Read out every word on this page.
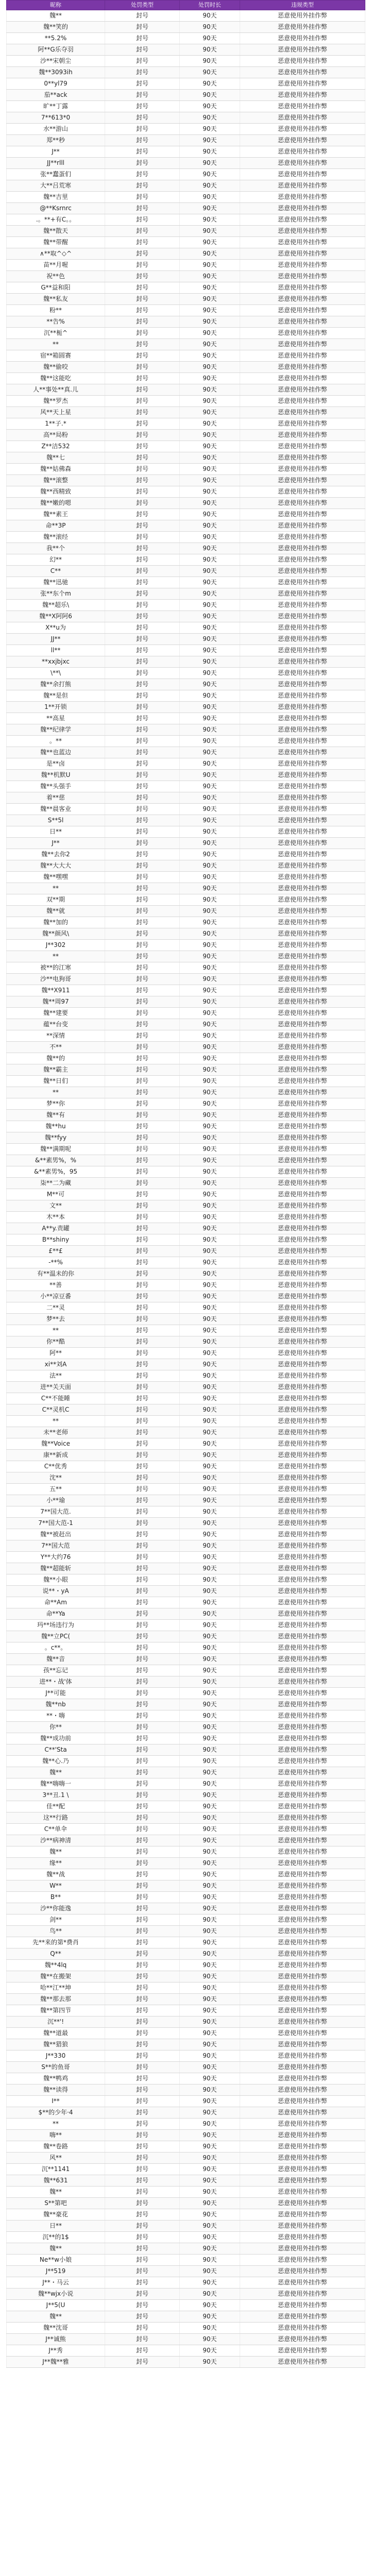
昵称	处罚类型	处罚时长	违规类型
魏**	封号	90天	恶意使用外挂作弊
魏**笑的	封号	90天	恶意使用外挂作弊
**5.2%	封号	90天	恶意使用外挂作弊
阿**G乐夺羽	封号	90天	恶意使用外挂作弊
沙**宋朝尘	封号	90天	恶意使用外挂作弊
魏**3093ih	封号	90天	恶意使用外挂作弊
0**yl79	封号	90天	恶意使用外挂作弊
茄**ack	封号	90天	恶意使用外挂作弊
旷**丁露	封号	90天	恶意使用外挂作弊
7**613*0	封号	90天	恶意使用外挂作弊
水**游山	封号	90天	恶意使用外挂作弊
郑**秒	封号	90天	恶意使用外挂作弊
J**	封号	90天	恶意使用外挂作弊
JJ**rlll	封号	90天	恶意使用外挂作弊
张**蠢蛋们	封号	90天	恶意使用外挂作弊
大**吕荒寒	封号	90天	恶意使用外挂作弊
魏**吉里	封号	90天	恶意使用外挂作弊
@**Ksrnrc	封号	90天	恶意使用外挂作弊
.。**+有C。。	封号	90天	恶意使用外挂作弊
魏**散天	封号	90天	恶意使用外挂作弊
魏**带醒	封号	90天	恶意使用外挂作弊
∧**取^◇^	封号	90天	恶意使用外挂作弊
苗**月喔	封号	90天	恶意使用外挂作弊
祝**色	封号	90天	恶意使用外挂作弊
G**益和阳	封号	90天	恶意使用外挂作弊
魏**私友	封号	90天	恶意使用外挂作弊
粉**	封号	90天	恶意使用外挂作弊
**告%	封号	90天	恶意使用外挂作弊
沉**栀^	封号	90天	恶意使用外挂作弊
**	封号	90天	恶意使用外挂作弊
宿**箱圆赛	封号	90天	恶意使用外挂作弊
魏**偷咬	封号	90天	恶意使用外挂作弊
魏**这能吃	封号	90天	恶意使用外挂作弊
人**事处**真.儿	封号	90天	恶意使用外挂作弊
魏**罗杰	封号	90天	恶意使用外挂作弊
风**天上星	封号	90天	恶意使用外挂作弊
1**子.*	封号	90天	恶意使用外挂作弊
高**局粉	封号	90天	恶意使用外挂作弊
Z**洁532	封号	90天	恶意使用外挂作弊
魏**七	封号	90天	恶意使用外挂作弊
魏**姑佛森	封号	90天	恶意使用外挂作弊
魏**滚整	封号	90天	恶意使用外挂作弊
魏**西精致	封号	90天	恶意使用外挂作弊
魏**嫩的嗯	封号	90天	恶意使用外挂作弊
魏**素王	封号	90天	恶意使用外挂作弊
命**3P	封号	90天	恶意使用外挂作弊
魏**滚经	封号	90天	恶意使用外挂作弊
我**个	封号	90天	恶意使用外挂作弊
幻**	封号	90天	恶意使用外挂作弊
C**	封号	90天	恶意使用外挂作弊
魏**迅驰	封号	90天	恶意使用外挂作弊
张**东个m	封号	90天	恶意使用外挂作弊
魏**超乐\	封号	90天	恶意使用外挂作弊
魏**X阿阿6	封号	90天	恶意使用外挂作弊
X**u为	封号	90天	恶意使用外挂作弊
JJ**	封号	90天	恶意使用外挂作弊
ll**	封号	90天	恶意使用外挂作弊
**xxjbjxc	封号	90天	恶意使用外挂作弊
\**\	封号	90天	恶意使用外挂作弊
魏**余打熊	封号	90天	恶意使用外挂作弊
魏**是但	封号	90天	恶意使用外挂作弊
1**开锁	封号	90天	恶意使用外挂作弊
**高星	封号	90天	恶意使用外挂作弊
魏**纪律学	封号	90天	恶意使用外挂作弊
。**	封号	90天	恶意使用外挂作弊
魏**也蓝边	封号	90天	恶意使用外挂作弊
是**卤	封号	90天	恶意使用外挂作弊
魏**机默U	封号	90天	恶意使用外挂作弊
魏**头强手	封号	90天	恶意使用外挂作弊
着**慈	封号	90天	恶意使用外挂作弊
魏**晨客业	封号	90天	恶意使用外挂作弊
S**5l	封号	90天	恶意使用外挂作弊
日**	封号	90天	恶意使用外挂作弊
J**	封号	90天	恶意使用外挂作弊
魏**去你2	封号	90天	恶意使用外挂作弊
魏**大大大	封号	90天	恶意使用外挂作弊
魏**嘿嘿	封号	90天	恶意使用外挂作弊
**	封号	90天	恶意使用外挂作弊
双**期	封号	90天	恶意使用外挂作弊
魏**就	封号	90天	恶意使用外挂作弊
魏**加的	封号	90天	恶意使用外挂作弊
魏**颜风\	封号	90天	恶意使用外挂作弊
J**302	封号	90天	恶意使用外挂作弊
**	封号	90天	恶意使用外挂作弊
被**的江寒	封号	90天	恶意使用外挂作弊
沙**电狗哥	封号	90天	恶意使用外挂作弊
魏**X911	封号	90天	恶意使用外挂作弊
魏**周97	封号	90天	恶意使用外挂作弊
魏**建要	封号	90天	恶意使用外挂作弊
蕴**台变	封号	90天	恶意使用外挂作弊
**深情	封号	90天	恶意使用外挂作弊
不**	封号	90天	恶意使用外挂作弊
魏**的	封号	90天	恶意使用外挂作弊
魏**霸主	封号	90天	恶意使用外挂作弊
魏**日们	封号	90天	恶意使用外挂作弊
**	封号	90天	恶意使用外挂作弊
梦**你	封号	90天	恶意使用外挂作弊
魏**有	封号	90天	恶意使用外挂作弊
魏**hu	封号	90天	恶意使用外挂作弊
魏**fyy	封号	90天	恶意使用外挂作弊
魏**满期呢	封号	90天	恶意使用外挂作弊
&**素男%，%	封号	90天	恶意使用外挂作弊
&**素男%，95	封号	90天	恶意使用外挂作弊
柒**二为藏	封号	90天	恶意使用外挂作弊
M**可	封号	90天	恶意使用外挂作弊
文**	封号	90天	恶意使用外挂作弊
木**本	封号	90天	恶意使用外挂作弊
A**y.责罐	封号	90天	恶意使用外挂作弊
B**shiny	封号	90天	恶意使用外挂作弊
£**£	封号	90天	恶意使用外挂作弊
-**%	封号	90天	恶意使用外挂作弊
有**温未的你	封号	90天	恶意使用外挂作弊
**善	封号	90天	恶意使用外挂作弊
小**凉豆番	封号	90天	恶意使用外挂作弊
二**灵	封号	90天	恶意使用外挂作弊
梦**去	封号	90天	恶意使用外挂作弊
**	封号	90天	恶意使用外挂作弊
你**酷	封号	90天	恶意使用外挂作弊
阿**	封号	90天	恶意使用外挂作弊
xi**刘A	封号	90天	恶意使用外挂作弊
法**	封号	90天	恶意使用外挂作弊
进**关天面	封号	90天	恶意使用外挂作弊
C**不能睡	封号	90天	恶意使用外挂作弊
C**灵机C	封号	90天	恶意使用外挂作弊
**	封号	90天	恶意使用外挂作弊
未**老师	封号	90天	恶意使用外挂作弊
魏**Voice	封号	90天	恶意使用外挂作弊
康**新成	封号	90天	恶意使用外挂作弊
C**优秀	封号	90天	恶意使用外挂作弊
沈**	封号	90天	恶意使用外挂作弊
五**	封号	90天	恶意使用外挂作弊
小**瑜	封号	90天	恶意使用外挂作弊
7**国大范.	封号	90天	恶意使用外挂作弊
7**国大范-1	封号	90天	恶意使用外挂作弊
魏**被赶出	封号	90天	恶意使用外挂作弊
7**国大范	封号	90天	恶意使用外挂作弊
Y**大约76	封号	90天	恶意使用外挂作弊
魏**超能斩	封号	90天	恶意使用外挂作弊
魏**小眼	封号	90天	恶意使用外挂作弊
说**・yA	封号	90天	恶意使用外挂作弊
命**Am	封号	90天	恶意使用外挂作弊
命**Ya	封号	90天	恶意使用外挂作弊
玛**场违行为	封号	90天	恶意使用外挂作弊
魏**立PC(	封号	90天	恶意使用外挂作弊
。c**。	封号	90天	恶意使用外挂作弊
魏**音	封号	90天	恶意使用外挂作弊
孩**忘记	封号	90天	恶意使用外挂作弊
进**・战'体	封号	90天	恶意使用外挂作弊
J**可能	封号	90天	恶意使用外挂作弊
魏**nb	封号	90天	恶意使用外挂作弊
**・嗨	封号	90天	恶意使用外挂作弊
你**	封号	90天	恶意使用外挂作弊
魏**成功前	封号	90天	恶意使用外挂作弊
C**'Sta	封号	90天	恶意使用外挂作弊
魏**心.乃	封号	90天	恶意使用外挂作弊
魏**	封号	90天	恶意使用外挂作弊
魏**嗨嗨一	封号	90天	恶意使用外挂作弊
3**丑.1 \	封号	90天	恶意使用外挂作弊
佳**配	封号	90天	恶意使用外挂作弊
这**行路	封号	90天	恶意使用外挂作弊
C**单伞	封号	90天	恶意使用外挂作弊
沙**病神清	封号	90天	恶意使用外挂作弊
魏**	封号	90天	恶意使用外挂作弊
缘**	封号	90天	恶意使用外挂作弊
魏**战	封号	90天	恶意使用外挂作弊
W**	封号	90天	恶意使用外挂作弊
B**	封号	90天	恶意使用外挂作弊
沙**你能逸	封号	90天	恶意使用外挂作弊
剑**	封号	90天	恶意使用外挂作弊
鸟**	封号	90天	恶意使用外挂作弊
先**来的第*费肖	封号	90天	恶意使用外挂作弊
Q**	封号	90天	恶意使用外挂作弊
魏**4lq	封号	90天	恶意使用外挂作弊
魏**在搬架	封号	90天	恶意使用外挂作弊
哈**江**坤	封号	90天	恶意使用外挂作弊
魏**那去那	封号	90天	恶意使用外挂作弊
魏**第四节	封号	90天	恶意使用外挂作弊
沉**'!	封号	90天	恶意使用外挂作弊
魏**道最	封号	90天	恶意使用外挂作弊
魏**猎狼	封号	90天	恶意使用外挂作弊
J**330	封号	90天	恶意使用外挂作弊
S**的鱼哥	封号	90天	恶意使用外挂作弊
魏**鸭鸡	封号	90天	恶意使用外挂作弊
魏**读得	封号	90天	恶意使用外挂作弊
I**	封号	90天	恶意使用外挂作弊
$**的少年·4	封号	90天	恶意使用外挂作弊
**	封号	90天	恶意使用外挂作弊
嗨**	封号	90天	恶意使用外挂作弊
魏**卷路	封号	90天	恶意使用外挂作弊
风**	封号	90天	恶意使用外挂作弊
沉**1141	封号	90天	恶意使用外挂作弊
魏**631	封号	90天	恶意使用外挂作弊
魏**	封号	90天	恶意使用外挂作弊
S**第吧	封号	90天	恶意使用外挂作弊
魏**豪花	封号	90天	恶意使用外挂作弊
日**	封号	90天	恶意使用外挂作弊
沉**的1$	封号	90天	恶意使用外挂作弊
魏**	封号	90天	恶意使用外挂作弊
Ne**w小娘	封号	90天	恶意使用外挂作弊
J**519	封号	90天	恶意使用外挂作弊
J**・马云	封号	90天	恶意使用外挂作弊
魏**wjx小说	封号	90天	恶意使用外挂作弊
J**5(U	封号	90天	恶意使用外挂作弊
魏**	封号	90天	恶意使用外挂作弊
魏**沈哥	封号	90天	恶意使用外挂作弊
J**诚熊	封号	90天	恶意使用外挂作弊
J**秀	封号	90天	恶意使用外挂作弊
J**魏**雅	封号	90天	恶意使用外挂作弊
